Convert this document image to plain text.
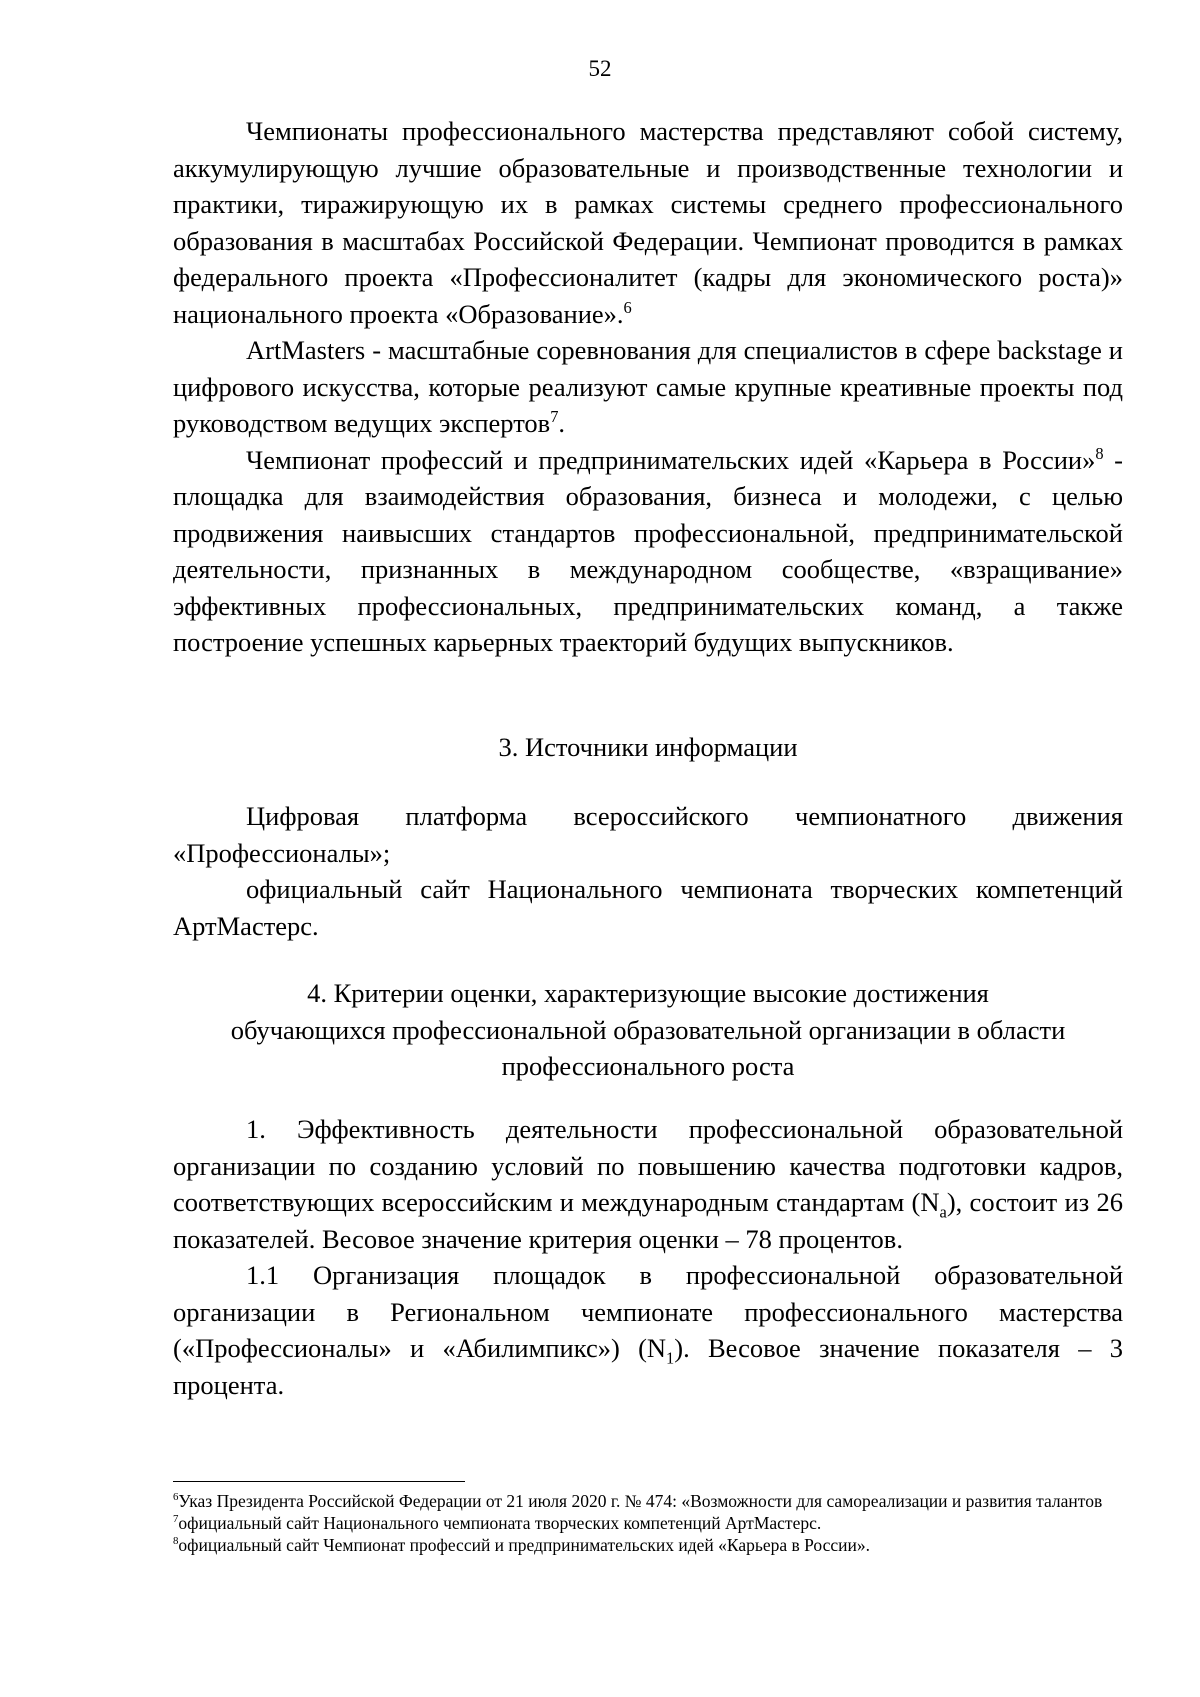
52

Чемпионаты профессионального мастерства представляют собой систему, аккумулирующую лучшие образовательные и производственные технологии и практики, тиражирующую их в рамках системы среднего профессионального образования в масштабах Российской Федерации. Чемпионат проводится в рамках федерального проекта «Профессионалитет (кадры для экономического роста)» национального проекта «Образование».$^6$

ArtMasters - масштабные соревнования для специалистов в сфере backstage и цифрового искусства, которые реализуют самые крупные креативные проекты под руководством ведущих экспертов$^7$.

Чемпионат профессий и предпринимательских идей «Карьера в России»$^8$ - площадка для взаимодействия образования, бизнеса и молодежи, с целью продвижения наивысших стандартов профессиональной, предпринимательской деятельности, признанных в международном сообществе, «взращивание» эффективных профессиональных, предпринимательских команд, а также построение успешных карьерных траекторий будущих выпускников.

3. Источники информации

Цифровая платформа всероссийского чемпионатного движения «Профессионалы»;

официальный сайт Национального чемпионата творческих компетенций АртМастерс.

4. Критерии оценки, характеризующие высокие достижения

обучающихся профессиональной образовательной организации в области

профессионального роста

1. Эффективность деятельности профессиональной образовательной организации по созданию условий по повышению качества подготовки кадров, соответствующих всероссийским и международным стандартам $(N_a)$, состоит из 26 показателей. Весовое значение критерия оценки – 78 процентов.

1.1 Организация площадок в профессиональной образовательной организации в Региональном чемпионате профессионального мастерства («Профессионалы» и «Абилимпикс») $(N_1)$. Весовое значение показателя – 3 процента.

$^6$Указ Президента Российской Федерации от 21 июля 2020 г. № 474: «Возможности для самореализации и развития талантов

$^7$официальный сайт Национального чемпионата творческих компетенций АртМастерс.

$^8$официальный сайт Чемпионат профессий и предпринимательских идей «Карьера в России».
